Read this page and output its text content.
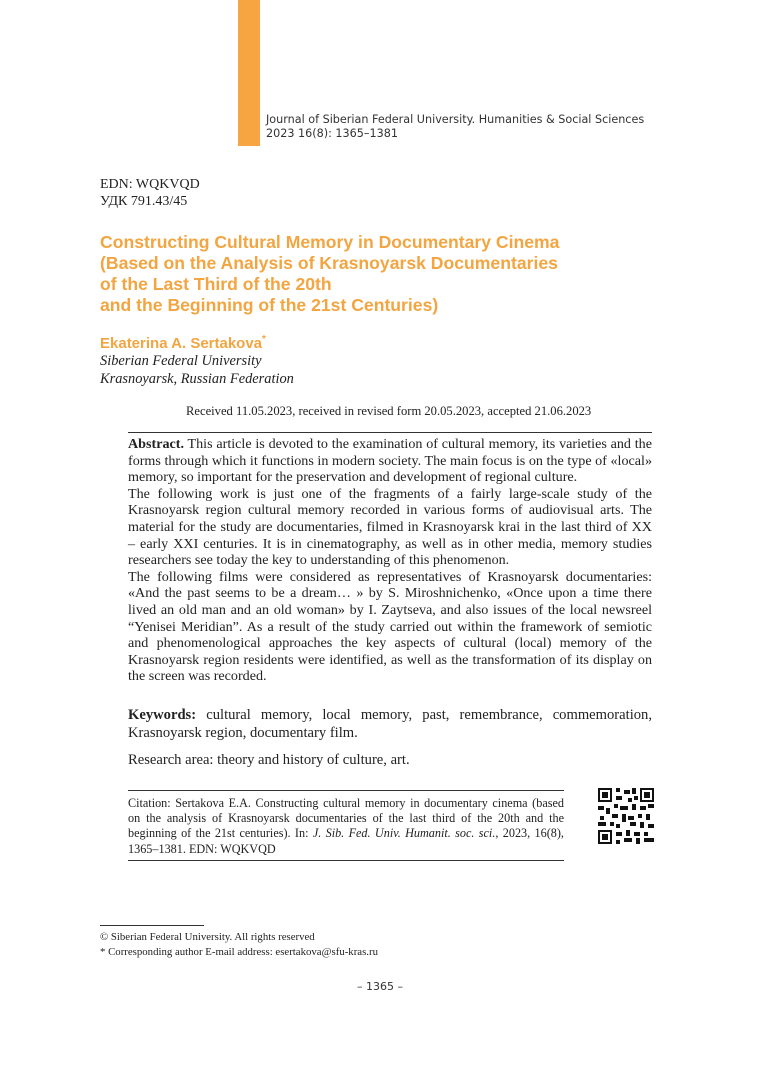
Journal of Siberian Federal University. Humanities & Social Sciences
2023 16(8): 1365–1381
EDN: WQKVQD
УДК 791.43/45
Constructing Cultural Memory in Documentary Cinema
(Based on the Analysis of Krasnoyarsk Documentaries
of the Last Third of the 20th
and the Beginning of the 21st Centuries)
Ekaterina A. Sertakova*
Siberian Federal University
Krasnoyarsk, Russian Federation
Received 11.05.2023, received in revised form 20.05.2023, accepted 21.06.2023

Abstract. This article is devoted to the examination of cultural memory, its varieties and the forms through which it functions in modern society. The main focus is on the type of «local» memory, so important for the preservation and development of regional culture.

The following work is just one of the fragments of a fairly large-scale study of the Krasnoyarsk region cultural memory recorded in various forms of audiovisual arts. The material for the study are documentaries, filmed in Krasnoyarsk krai in the last third of XX – early XXI centuries. It is in cinematography, as well as in other media, memory studies researchers see today the key to understanding of this phenomenon.

The following films were considered as representatives of Krasnoyarsk documentaries: «And the past seems to be a dream… » by S. Miroshnichenko, «Once upon a time there lived an old man and an old woman» by I. Zaytseva, and also issues of the local newsreel “Yenisei Meridian”. As a result of the study carried out within the framework of semiotic and phenomenological approaches the key aspects of cultural (local) memory of the Krasnoyarsk region residents were identified, as well as the transformation of its display on the screen was recorded.

Keywords: cultural memory, local memory, past, remembrance, commemoration, Krasnoyarsk region, documentary film.
Research area: theory and history of culture, art.
Citation: Sertakova E.A. Constructing cultural memory in documentary cinema (based on the analysis of Krasnoyarsk documentaries of the last third of the 20th and the beginning of the 21st centuries). In: J. Sib. Fed. Univ. Humanit. soc. sci., 2023, 16(8), 1365–1381. EDN: WQKVQD
© Siberian Federal University. All rights reserved
* Corresponding author E-mail address: esertakova@sfu-kras.ru
– 1365 –
